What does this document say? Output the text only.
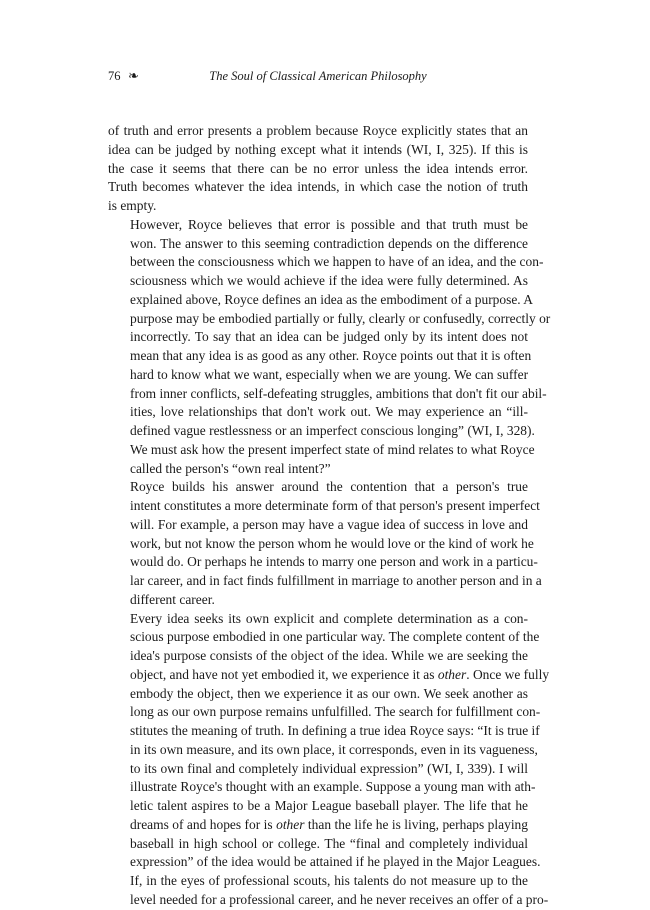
76 ❧	The Soul of Classical American Philosophy
of truth and error presents a problem because Royce explicitly states that an
idea can be judged by nothing except what it intends (WI, I, 325). If this is
the case it seems that there can be no error unless the idea intends error.
Truth becomes whatever the idea intends, in which case the notion of truth
is empty.
However, Royce believes that error is possible and that truth must be
won. The answer to this seeming contradiction depends on the difference
between the consciousness which we happen to have of an idea, and the con-
sciousness which we would achieve if the idea were fully determined. As
explained above, Royce defines an idea as the embodiment of a purpose. A
purpose may be embodied partially or fully, clearly or confusedly, correctly or
incorrectly. To say that an idea can be judged only by its intent does not
mean that any idea is as good as any other. Royce points out that it is often
hard to know what we want, especially when we are young. We can suffer
from inner conflicts, self-defeating struggles, ambitions that don't fit our abil-
ities, love relationships that don't work out. We may experience an “ill-
defined vague restlessness or an imperfect conscious longing” (WI, I, 328).
We must ask how the present imperfect state of mind relates to what Royce
called the person's “own real intent?”
Royce builds his answer around the contention that a person's true
intent constitutes a more determinate form of that person's present imperfect
will. For example, a person may have a vague idea of success in love and
work, but not know the person whom he would love or the kind of work he
would do. Or perhaps he intends to marry one person and work in a particu-
lar career, and in fact finds fulfillment in marriage to another person and in a
different career.
Every idea seeks its own explicit and complete determination as a con-
scious purpose embodied in one particular way. The complete content of the
idea's purpose consists of the object of the idea. While we are seeking the
object, and have not yet embodied it, we experience it as other. Once we fully
embody the object, then we experience it as our own. We seek another as
long as our own purpose remains unfulfilled. The search for fulfillment con-
stitutes the meaning of truth. In defining a true idea Royce says: “It is true if
in its own measure, and its own place, it corresponds, even in its vagueness,
to its own final and completely individual expression” (WI, I, 339). I will
illustrate Royce's thought with an example. Suppose a young man with ath-
letic talent aspires to be a Major League baseball player. The life that he
dreams of and hopes for is other than the life he is living, perhaps playing
baseball in high school or college. The “final and completely individual
expression” of the idea would be attained if he played in the Major Leagues.
If, in the eyes of professional scouts, his talents do not measure up to the
level needed for a professional career, and he never receives an offer of a pro-
